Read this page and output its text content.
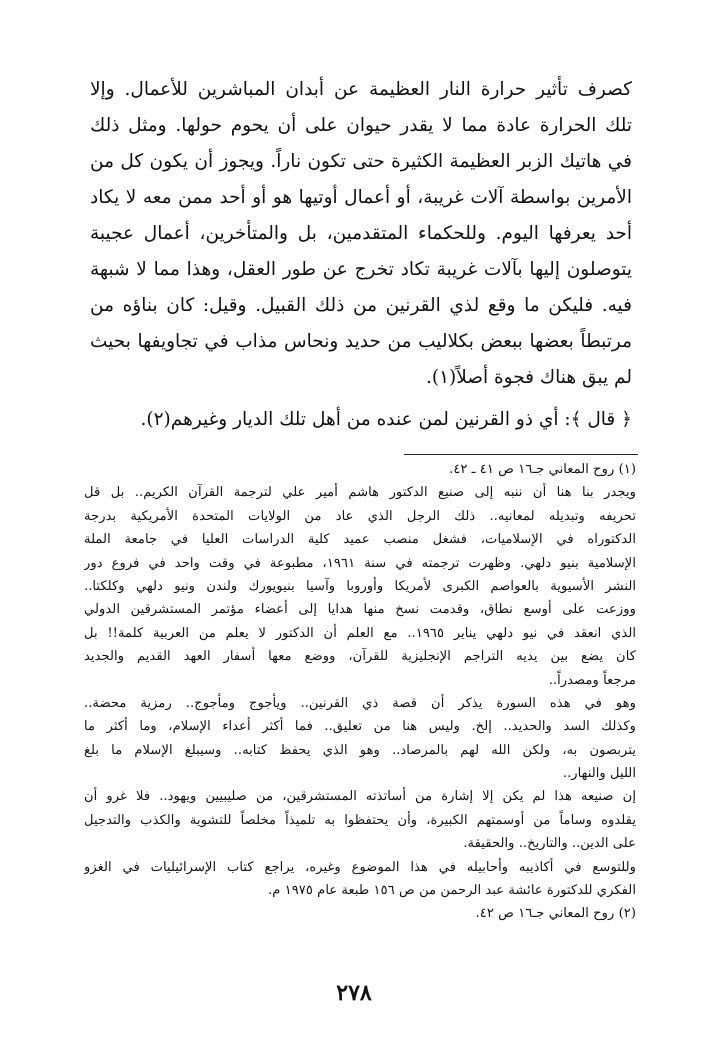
كصرف تأثير حرارة النار العظيمة عن أبدان المباشرين للأعمال. وإلا
تلك الحرارة عادة مما لا يقدر حيوان على أن يحوم حولها. ومثل ذلك
في هاتيك الزبر العظيمة الكثيرة حتى تكون ناراً. ويجوز أن يكون كل من
الأمرين بواسطة آلات غريبة، أو أعمال أوتيها هو أو أحد ممن معه لا يكاد
أحد يعرفها اليوم. وللحكماء المتقدمين، بل والمتأخرين، أعمال عجيبة
يتوصلون إليها بآلات غريبة تكاد تخرج عن طور العقل، وهذا مما لا شبهة
فيه. فليكن ما وقع لذي القرنين من ذلك القبيل. وقيل: كان بناؤه من
مرتبطاً بعضها ببعض بكلاليب من حديد ونحاس مذاب في تجاويفها بحيث
لم يبق هناك فجوة أصلاً(١).
﴿ قال ﴾: أي ذو القرنين لمن عنده من أهل تلك الديار وغيرهم(٢).
(١) روح المعاني جـ١٦ ص ٤١ ـ ٤٢.
ويجدر بنا هنا أن ننبه إلى صنيع الدكتور هاشم أمير علي لترجمة القرآن الكريم.. بل قل
تحريفه وتبديله لمعانيه.. ذلك الرجل الذي عاد من الولايات المتحدة الأمريكية بدرجة
الدكتوراه في الإسلاميات، فشغل منصب عميد كلية الدراسات العليا في جامعة الملة
الإسلامية بنيو دلهي. وظهرت ترجمته في سنة ١٩٦١، مطبوعة في وقت واحد في فروع دور
النشر الأسيوية بالعواصم الكبرى لأمريكا وأوروبا وآسيا بنيويورك ولندن ونيو دلهي وكلكتا..
ووزعت على أوسع نطاق، وقدمت نسخ منها هدايا إلى أعضاء مؤتمر المستشرقين الدولي
الذي انعقد في نيو دلهي يناير ١٩٦٥.. مع العلم أن الدكتور لا يعلم من العربية كلمة!! بل
كان يضع بين يديه التراجم الإنجليزية للقرآن، ووضع معها أسفار العهد القديم والجديد
مرجعاً ومصدراً..
وهو في هذه السورة يذكر أن قصة ذي القرنين.. ويأجوج ومأجوج.. رمزية محضة..
وكذلك السد والحديد.. إلخ. وليس هنا من تعليق.. فما أكثر أعداء الإسلام، وما أكثر ما
يتربصون به، ولكن الله لهم بالمرصاد.. وهو الذي يحفظ كتابه.. وسيبلغ الإسلام ما بلغ
الليل والنهار..
إن صنيعه هذا لم يكن إلا إشارة من أساتذته المستشرقين، من صليبيين ويهود.. فلا غرو أن
يقلدوه وساماً من أوسمتهم الكبيرة، وأن يحتفظوا به تلميذاً مخلصاً للتشوية والكذب والتدجيل
على الدين.. والتاريخ.. والحقيقة.
وللتوسع في أكاذيبه وأحابيله في هذا الموضوع وغيره، يراجع كتاب الإسرائيليات في الغزو
الفكري للدكتورة عائشة عبد الرحمن من ص ١٥٦ طبعة عام ١٩٧٥ م.
(٢) روح المعاني جـ١٦ ص ٤٢.
٢٧٨
